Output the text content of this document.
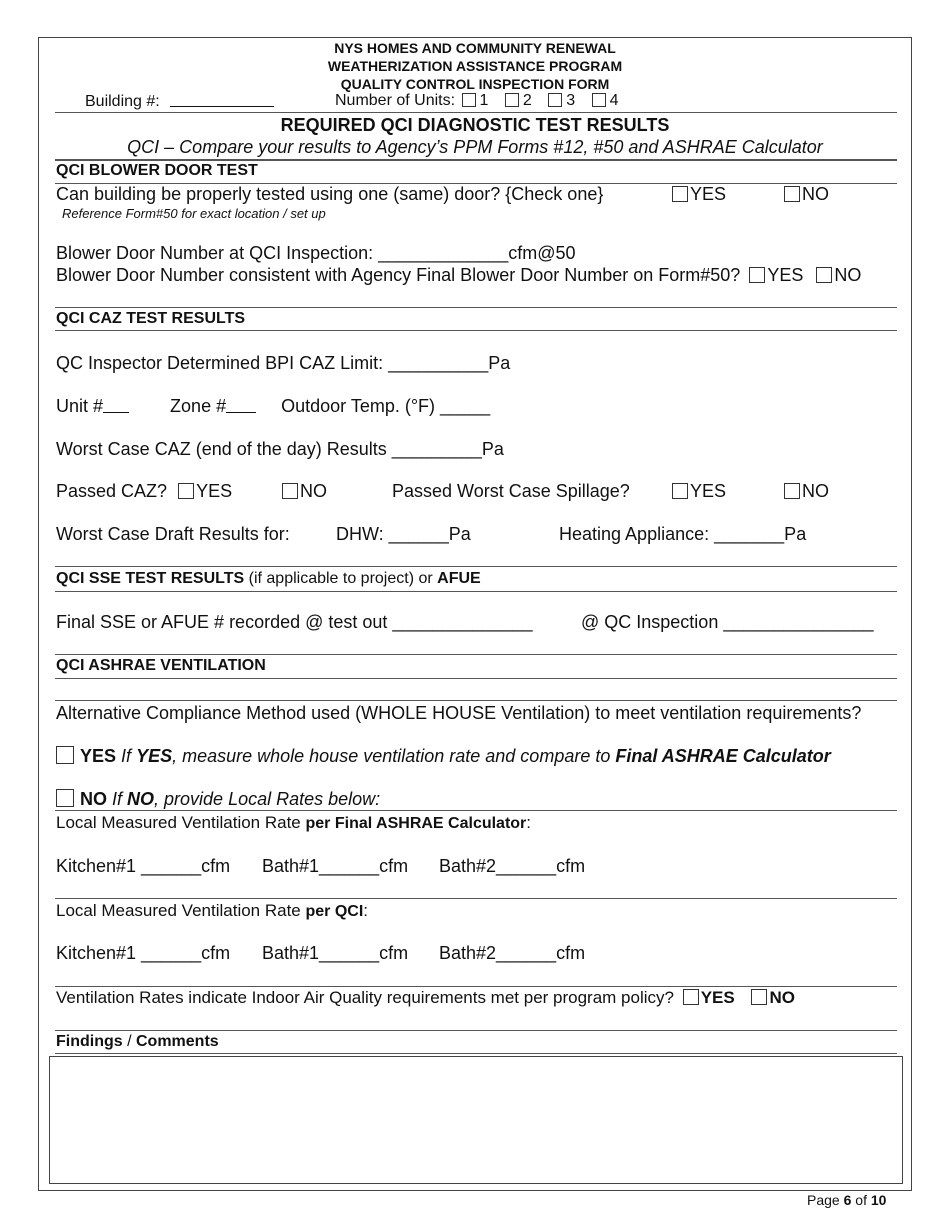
NYS HOMES AND COMMUNITY RENEWAL
WEATHERIZATION ASSISTANCE PROGRAM
QUALITY CONTROL INSPECTION FORM
Building #:	Number of Units: 1 2 3 4
REQUIRED QCI DIAGNOSTIC TEST RESULTS
QCI – Compare your results to Agency’s PPM Forms #12, #50 and ASHRAE Calculator
QCI BLOWER DOOR TEST
Can building be properly tested using one (same) door? {Check one}	YES	NO
Reference Form#50 for exact location / set up
Blower Door Number at QCI Inspection: _____________cfm@50
Blower Door Number consistent with Agency Final Blower Door Number on Form#50? YES NO
QCI CAZ TEST RESULTS
QC Inspector Determined BPI CAZ Limit: __________Pa
Unit #	Zone #	Outdoor Temp. (°F) _____
Worst Case CAZ (end of the day) Results _________Pa
Passed CAZ? YES	NO	Passed Worst Case Spillage?	YES	NO
Worst Case Draft Results for:	DHW: ______Pa	Heating Appliance: _______Pa
QCI SSE TEST RESULTS (if applicable to project) or AFUE
Final SSE or AFUE # recorded @ test out ______________	@ QC Inspection _______________
QCI ASHRAE VENTILATION
Alternative Compliance Method used (WHOLE HOUSE Ventilation) to meet ventilation requirements?
YES If YES, measure whole house ventilation rate and compare to Final ASHRAE Calculator
NO If NO, provide Local Rates below:
Local Measured Ventilation Rate per Final ASHRAE Calculator:
Kitchen#1 ______cfm Bath#1______cfm Bath#2______cfm
Local Measured Ventilation Rate per QCI:
Kitchen#1 ______cfm Bath#1______cfm Bath#2______cfm
Ventilation Rates indicate Indoor Air Quality requirements met per program policy? YES NO
Findings / Comments
Page 6 of 10
